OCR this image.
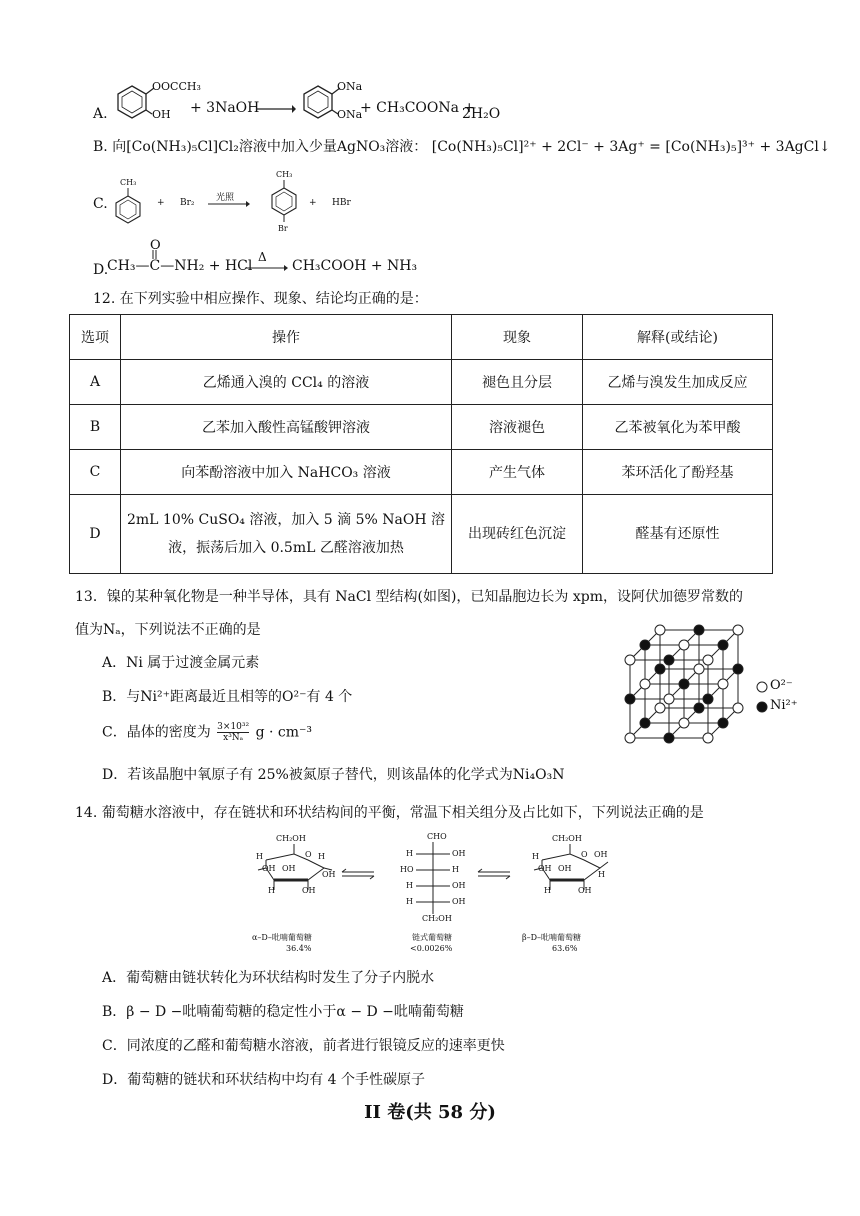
A.
OOCCH₃
OH + 3NaOH
ONa
ONa
+ CH₃COONa +
2H₂O
B. 向[Co(NH₃)₅Cl]Cl₂溶液中加入少量AgNO₃溶液： [Co(NH₃)₅Cl]²⁺ + 2Cl⁻ + 3Ag⁺ = [Co(NH₃)₅]³⁺ + 3AgCl↓
C.
CH₃
+ Br₂ 光照
CH₃
Br
+ HBr
D.
O
CH₃—C—NH₂ + HCl
Δ
CH₃COOH + NH₃
12. 在下列实验中相应操作、现象、结论均正确的是：
选项	操作	现象	解释(或结论)
A	乙烯通入溴的 CCl₄ 的溶液	褪色且分层	乙烯与溴发生加成反应
B	乙苯加入酸性高锰酸钾溶液	溶液褪色	乙苯被氧化为苯甲酸
C	向苯酚溶液中加入 NaHCO₃ 溶液	产生气体	苯环活化了酚羟基
D	2mL 10% CuSO₄ 溶液，加入 5 滴 5% NaOH 溶
液，振荡后加入 0.5mL 乙醛溶液加热	出现砖红色沉淀	醛基有还原性
13．镍的某种氧化物是一种半导体，具有 NaCl 型结构(如图)，已知晶胞边长为 xpm，设阿伏加德罗常数的
值为Nₐ，下列说法不正确的是
A．Ni 属于过渡金属元素
B．与Ni²⁺距离最近且相等的O²⁻有 4 个
C．晶体的密度为 $\frac{\text{3×10³²}}{\text{x³Nₐ}}$ g · cm⁻³
D．若该晶胞中氧原子有 25%被氮原子替代，则该晶体的化学式为Ni₄O₃N
O²⁻
Ni²⁺
14. 葡萄糖水溶液中，存在链状和环状结构间的平衡，常温下相关组分及占比如下，下列说法正确的是
CH₂OH
O
H	H
OH OH
OH
H	OH
α–D–吡喃葡萄糖
36.4%
CHO
H	OH
HO	H
H	OH
H	OH
CH₂OH
链式葡萄糖
<0.0026%
CH₂OH
O
H	OH
OH OH
H
H	OH
β–D–吡喃葡萄糖
63.6%
A．葡萄糖由链状转化为环状结构时发生了分子内脱水
B．β − D −吡喃葡萄糖的稳定性小于α − D −吡喃葡萄糖
C．同浓度的乙醛和葡萄糖水溶液，前者进行银镜反应的速率更快
D．葡萄糖的链状和环状结构中均有 4 个手性碳原子
II 卷(共 58 分)
